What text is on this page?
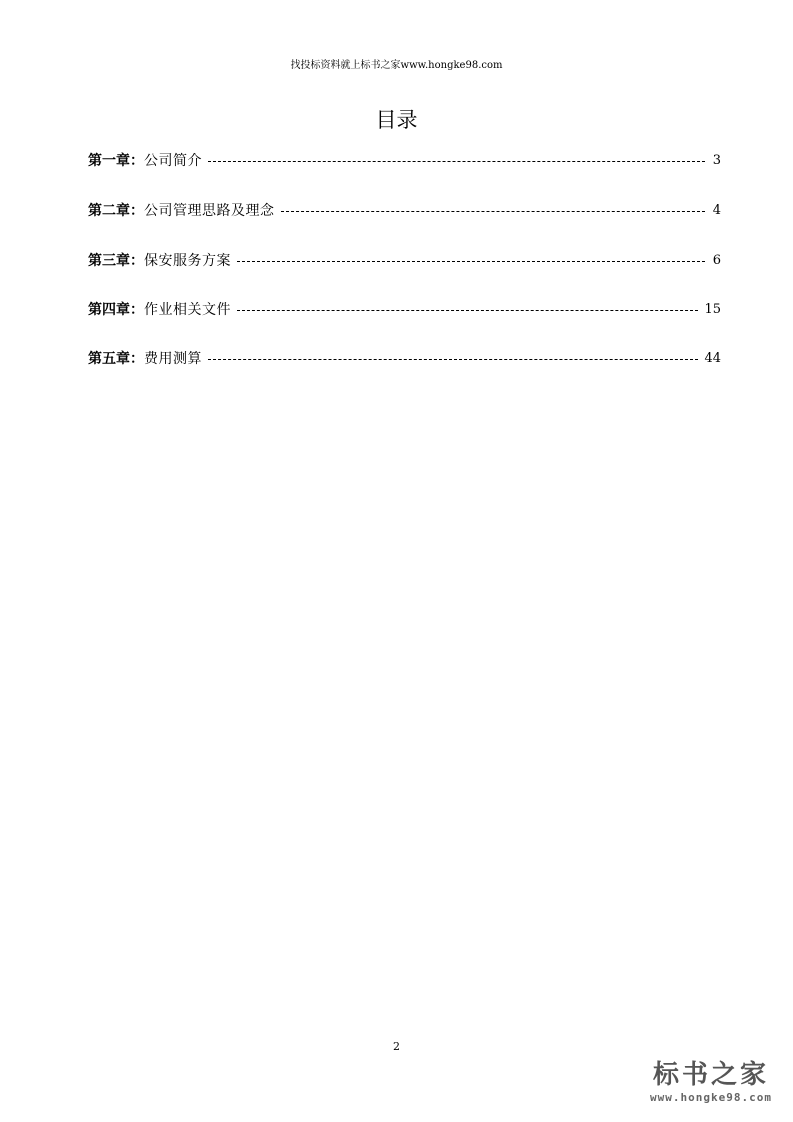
找投标资料就上标书之家www.hongke98.com
目录
第一章： 公司简介	3
第二章： 公司管理思路及理念	4
第三章： 保安服务方案	6
第四章： 作业相关文件	15
第五章： 费用测算	44
2
标书之家
www.hongke98.com
